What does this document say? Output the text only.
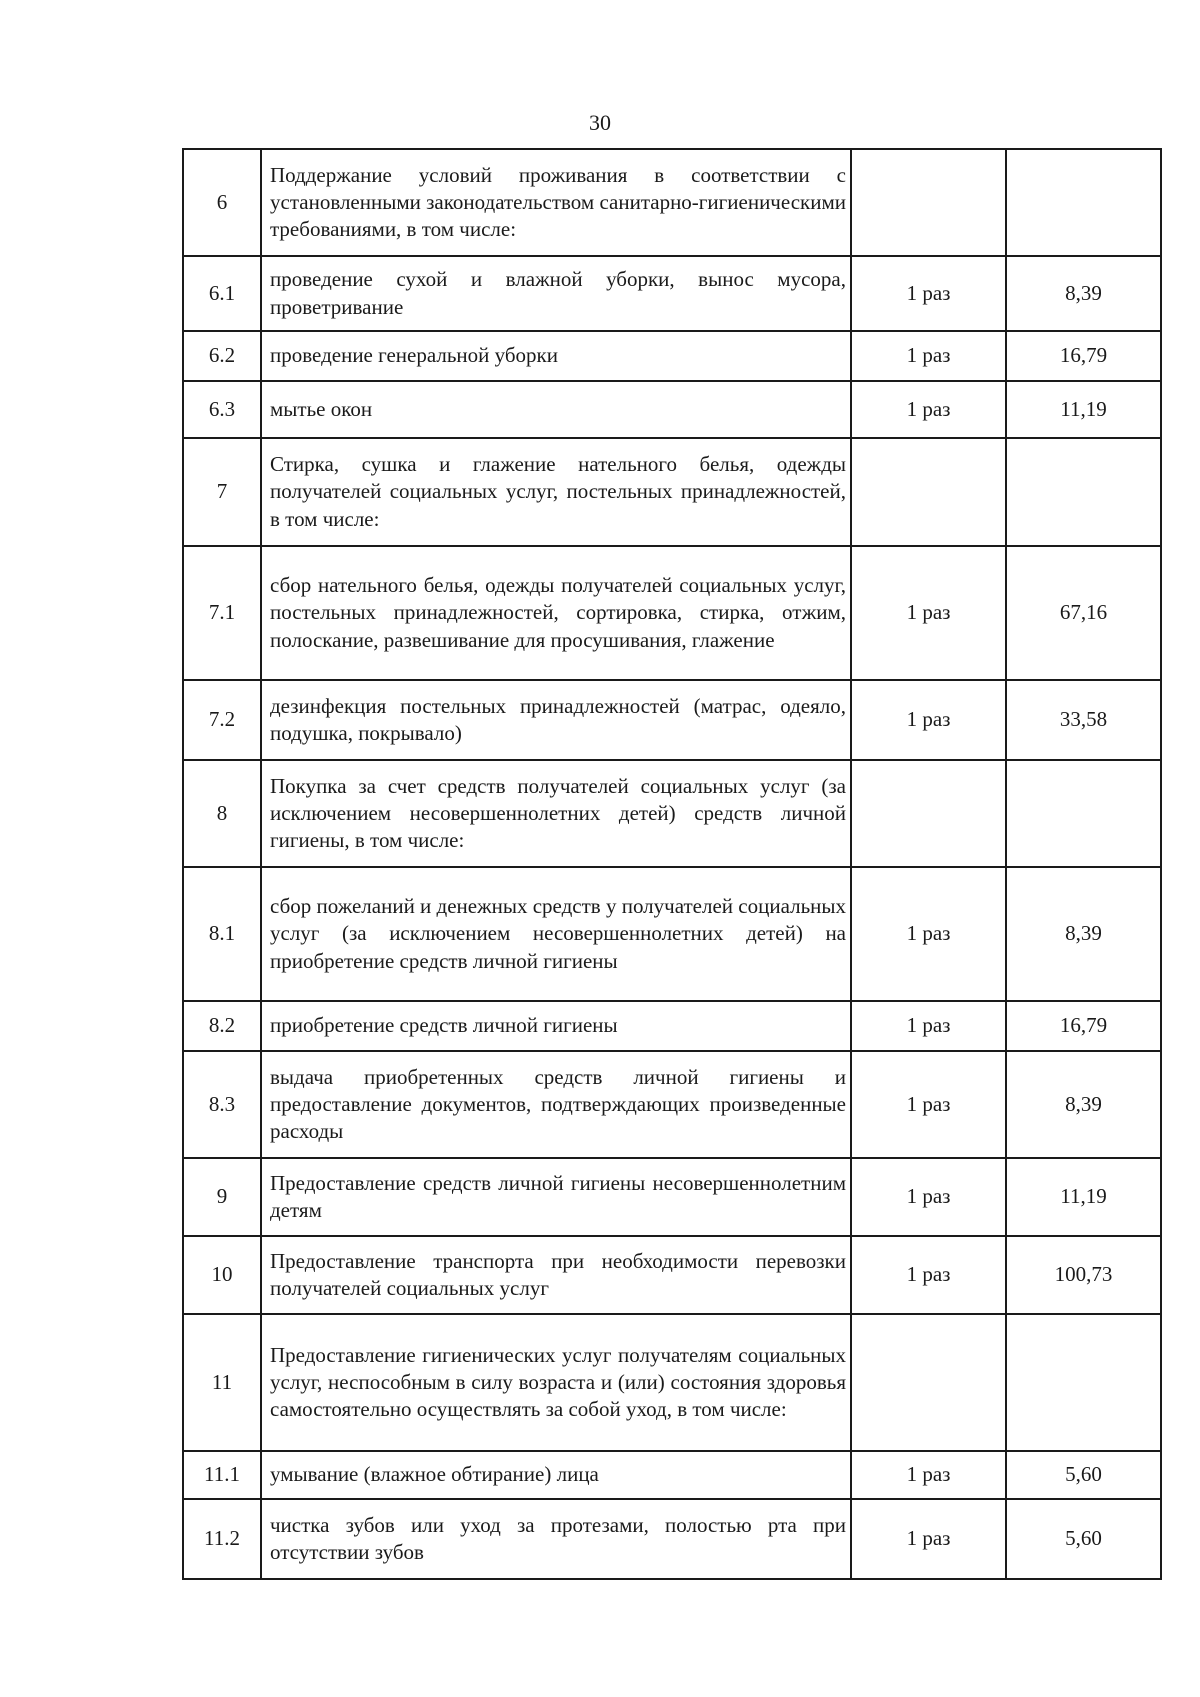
30
6	Поддержание условий проживания в соответствии с установленными законодательством санитарно-гигиеническими требованиями, в том числе:		
6.1	проведение сухой и влажной уборки, вынос мусора, проветривание	1 раз	8,39
6.2	проведение генеральной уборки	1 раз	16,79
6.3	мытье окон	1 раз	11,19
7	Стирка, сушка и глажение нательного белья, одежды получателей социальных услуг, постельных принадлежностей, в том числе:		
7.1	сбор нательного белья, одежды получателей социальных услуг, постельных принадлежностей, сортировка, стирка, отжим, полоскание, развешивание для просушивания, глажение	1 раз	67,16
7.2	дезинфекция постельных принадлежностей (матрас, одеяло, подушка, покрывало)	1 раз	33,58
8	Покупка за счет средств получателей социальных услуг (за исключением несовершеннолетних детей) средств личной гигиены, в том числе:		
8.1	сбор пожеланий и денежных средств у получателей социальных услуг (за исключением несовершеннолетних детей) на приобретение средств личной гигиены	1 раз	8,39
8.2	приобретение средств личной гигиены	1 раз	16,79
8.3	выдача приобретенных средств личной гигиены и предоставление документов, подтверждающих произведенные расходы	1 раз	8,39
9	Предоставление средств личной гигиены несовершеннолетним детям	1 раз	11,19
10	Предоставление транспорта при необходимости перевозки получателей социальных услуг	1 раз	100,73
11	Предоставление гигиенических услуг получателям социальных услуг, неспособным в силу возраста и (или) состояния здоровья самостоятельно осуществлять за собой уход, в том числе:		
11.1	умывание (влажное обтирание) лица	1 раз	5,60
11.2	чистка зубов или уход за протезами, полостью рта при отсутствии зубов	1 раз	5,60
